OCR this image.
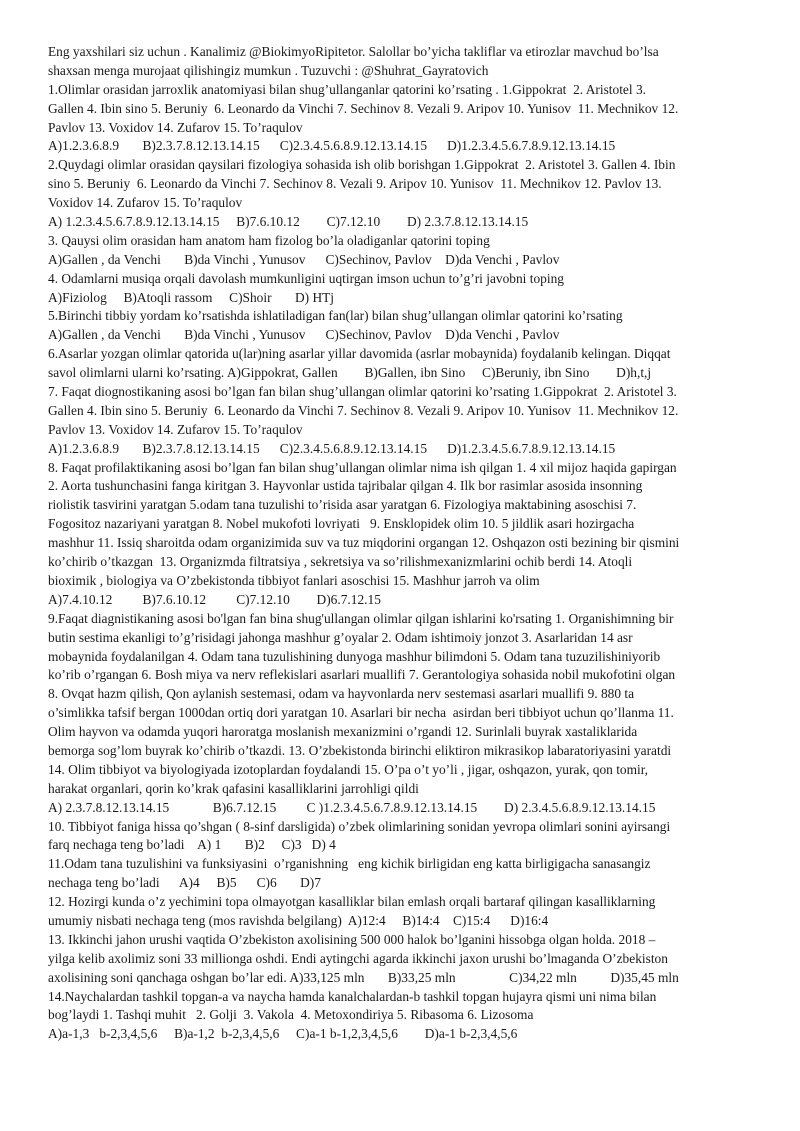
Eng yaxshilari siz uchun . Kanalimiz @BiokimyoRipitetor. Salollar bo’yicha takliflar va etirozlar mavchud bo’lsa
shaxsan menga murojaat qilishingiz mumkun . Tuzuvchi : @Shuhrat_Gayratovich
1.Olimlar orasidan jarroxlik anatomiyasi bilan shug’ullanganlar qatorini ko’rsating . 1.Gippokrat  2. Aristotel 3.
Gallen 4. Ibin sino 5. Beruniy  6. Leonardo da Vinchi 7. Sechinov 8. Vezali 9. Aripov 10. Yunisov  11. Mechnikov 12.
Pavlov 13. Voxidov 14. Zufarov 15. To’raqulov
A)1.2.3.6.8.9       B)2.3.7.8.12.13.14.15      C)2.3.4.5.6.8.9.12.13.14.15      D)1.2.3.4.5.6.7.8.9.12.13.14.15
2.Quydagi olimlar orasidan qaysilari fizologiya sohasida ish olib borishgan 1.Gippokrat  2. Aristotel 3. Gallen 4. Ibin
sino 5. Beruniy  6. Leonardo da Vinchi 7. Sechinov 8. Vezali 9. Aripov 10. Yunisov  11. Mechnikov 12. Pavlov 13.
Voxidov 14. Zufarov 15. To’raqulov
A) 1.2.3.4.5.6.7.8.9.12.13.14.15     B)7.6.10.12        C)7.12.10        D) 2.3.7.8.12.13.14.15
3. Qauysi olim orasidan ham anatom ham fizolog bo’la oladiganlar qatorini toping
A)Gallen , da Venchi       B)da Vinchi , Yunusov      C)Sechinov, Pavlov    D)da Venchi , Pavlov
4. Odamlarni musiqa orqali davolash mumkunligini uqtirgan imson uchun to’g’ri javobni toping
A)Fiziolog     B)Atoqli rassom     C)Shoir       D) HTj
5.Birinchi tibbiy yordam ko’rsatishda ishlatiladigan fan(lar) bilan shug’ullangan olimlar qatorini ko’rsating
A)Gallen , da Venchi       B)da Vinchi , Yunusov      C)Sechinov, Pavlov    D)da Venchi , Pavlov
6.Asarlar yozgan olimlar qatorida u(lar)ning asarlar yillar davomida (asrlar mobaynida) foydalanib kelingan. Diqqat
savol olimlarni ularni ko’rsating. A)Gippokrat, Gallen        B)Gallen, ibn Sino     C)Beruniy, ibn Sino        D)h,t,j
7. Faqat diognostikaning asosi bo’lgan fan bilan shug’ullangan olimlar qatorini ko’rsating 1.Gippokrat  2. Aristotel 3.
Gallen 4. Ibin sino 5. Beruniy  6. Leonardo da Vinchi 7. Sechinov 8. Vezali 9. Aripov 10. Yunisov  11. Mechnikov 12.
Pavlov 13. Voxidov 14. Zufarov 15. To’raqulov
A)1.2.3.6.8.9       B)2.3.7.8.12.13.14.15      C)2.3.4.5.6.8.9.12.13.14.15      D)1.2.3.4.5.6.7.8.9.12.13.14.15
8. Faqat profilaktikaning asosi bo’lgan fan bilan shug’ullangan olimlar nima ish qilgan 1. 4 xil mijoz haqida gapirgan
2. Aorta tushunchasini fanga kiritgan 3. Hayvonlar ustida tajribalar qilgan 4. Ilk bor rasimlar asosida insonning
riolistik tasvirini yaratgan 5.odam tana tuzulishi to’risida asar yaratgan 6. Fizologiya maktabining asoschisi 7.
Fogositoz nazariyani yaratgan 8. Nobel mukofoti lovriyati   9. Ensklopidek olim 10. 5 jildlik asari hozirgacha
mashhur 11. Issiq sharoitda odam organizimida suv va tuz miqdorini organgan 12. Oshqazon osti bezining bir qismini
ko’chirib o’tkazgan  13. Organizmda filtratsiya , sekretsiya va so’rilishmexanizmlarini ochib berdi 14. Atoqli
bioximik , biologiya va O’zbekistonda tibbiyot fanlari asoschisi 15. Mashhur jarroh va olim
A)7.4.10.12         B)7.6.10.12         C)7.12.10        D)6.7.12.15
9.Faqat diagnistikaning asosi bo'lgan fan bina shug'ullangan olimlar qilgan ishlarini ko'rsating 1. Organishimning bir
butin sestima ekanligi to’g’risidagi jahonga mashhur g’oyalar 2. Odam ishtimoiy jonzot 3. Asarlaridan 14 asr
mobaynida foydalanilgan 4. Odam tana tuzulishining dunyoga mashhur bilimdoni 5. Odam tana tuzuzilishiniyorib
ko’rib o’rgangan 6. Bosh miya va nerv reflekislari asarlari muallifi 7. Gerantologiya sohasida nobil mukofotini olgan
8. Ovqat hazm qilish, Qon aylanish sestemasi, odam va hayvonlarda nerv sestemasi asarlari muallifi 9. 880 ta
o’simlikka tafsif bergan 1000dan ortiq dori yaratgan 10. Asarlari bir necha  asirdan beri tibbiyot uchun qo’llanma 11.
Olim hayvon va odamda yuqori haroratga moslanish mexanizmini o’rgandi 12. Surinlali buyrak xastaliklarida
bemorga sog’lom buyrak ko’chirib o’tkazdi. 13. O’zbekistonda birinchi eliktiron mikrasikop labaratoriyasini yaratdi
14. Olim tibbiyot va biyologiyada izotoplardan foydalandi 15. O’pa o’t yo’li , jigar, oshqazon, yurak, qon tomir,
harakat organlari, qorin ko’krak qafasini kasalliklarini jarrohligi qildi
A) 2.3.7.8.12.13.14.15             B)6.7.12.15         C )1.2.3.4.5.6.7.8.9.12.13.14.15        D) 2.3.4.5.6.8.9.12.13.14.15
10. Tibbiyot faniga hissa qo’shgan ( 8-sinf darsligida) o’zbek olimlarining sonidan yevropa olimlari sonini ayirsangi
farq nechaga teng bo’ladi    A) 1       B)2     C)3   D) 4
11.Odam tana tuzulishini va funksiyasini  o’rganishning   eng kichik birligidan eng katta birligigacha sanasangiz
nechaga teng bo’ladi      A)4     B)5      C)6       D)7
12. Hozirgi kunda o’z yechimini topa olmayotgan kasalliklar bilan emlash orqali bartaraf qilingan kasalliklarning
umumiy nisbati nechaga teng (mos ravishda belgilang)  A)12:4     B)14:4    C)15:4      D)16:4
13. Ikkinchi jahon urushi vaqtida O’zbekiston axolisining 500 000 halok bo’lganini hissobga olgan holda. 2018 –
yilga kelib axolimiz soni 33 millionga oshdi. Endi aytingchi agarda ikkinchi jaxon urushi bo’lmaganda O’zbekiston
axolisining soni qanchaga oshgan bo’lar edi. A)33,125 mln       B)33,25 mln                C)34,22 mln          D)35,45 mln
14.Naychalardan tashkil topgan-a va naycha hamda kanalchalardan-b tashkil topgan hujayra qismi uni nima bilan
bog’laydi 1. Tashqi muhit   2. Golji  3. Vakola  4. Metoxondiriya 5. Ribasoma 6. Lizosoma
A)a-1,3   b-2,3,4,5,6     B)a-1,2  b-2,3,4,5,6     C)a-1 b-1,2,3,4,5,6        D)a-1 b-2,3,4,5,6
